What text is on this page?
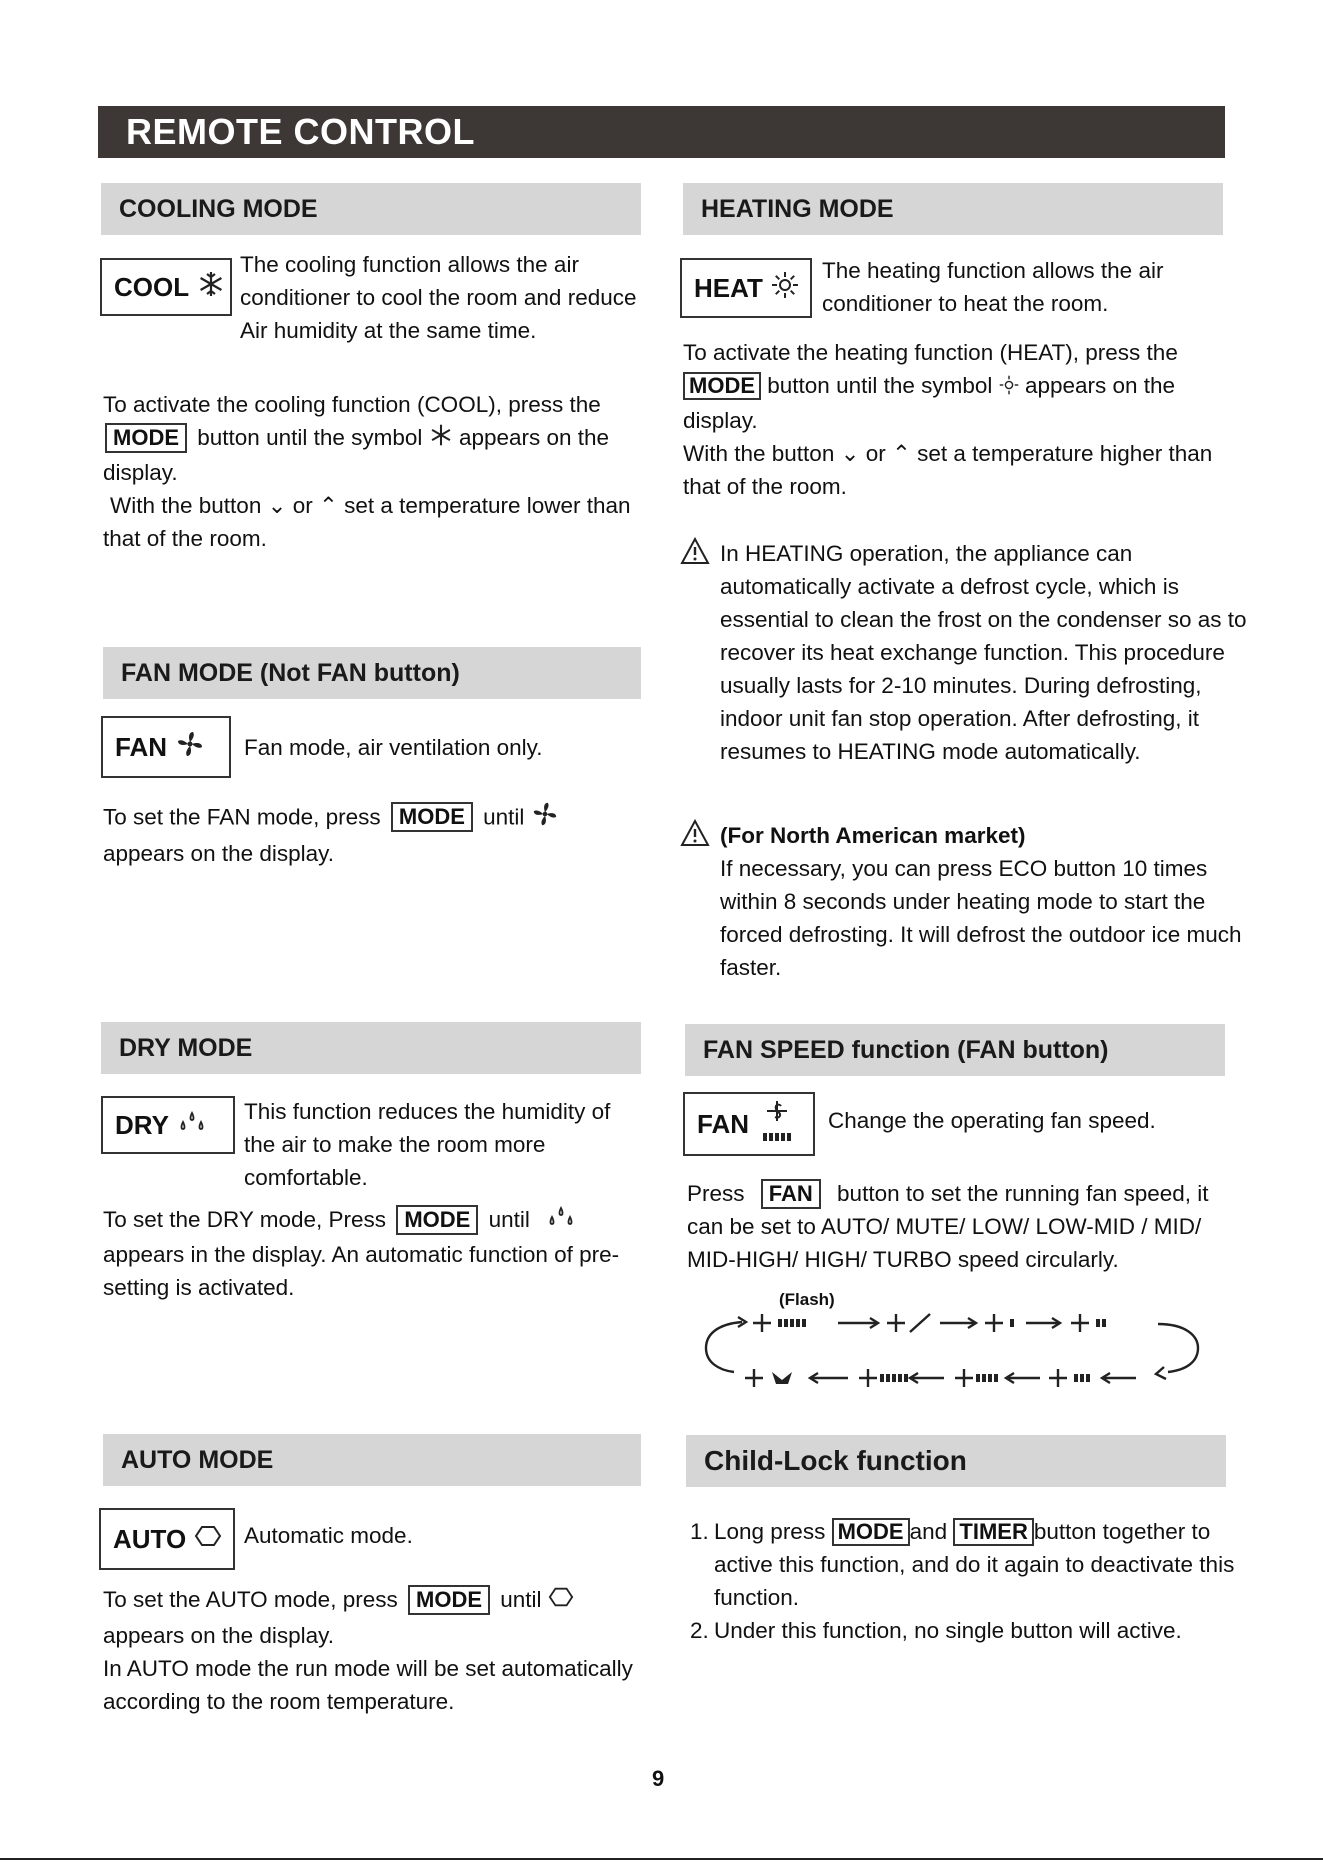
REMOTE CONTROL
COOLING MODE
COOL
The cooling function allows the air conditioner to cool the room and reduce Air humidity at the same time.
To activate the cooling function (COOL), press the
MODE button until the symbol appears on the display.
With the button ⌄ or ⌃ set a temperature lower than that of the room.
HEATING MODE
HEAT
The heating function allows the air conditioner to heat the room.
To activate the heating function (HEAT), press the
MODE button until the symbol appears on the display.
With the button ⌄ or ⌃ set a temperature higher than that of the room.
In HEATING operation, the appliance can automatically activate a defrost cycle, which is essential to clean the frost on the condenser so as to recover its heat exchange function. This procedure usually lasts for 2-10 minutes. During defrosting, indoor unit fan stop operation. After defrosting, it resumes to HEATING mode automatically.
(For North American market)
If necessary, you can press ECO button 10 times within 8 seconds under heating mode to start the forced defrosting. It will defrost the outdoor ice much faster.
FAN MODE (Not FAN button)
FAN	Fan mode, air ventilation only.
To set the FAN mode, press MODE until
appears on the display.
DRY MODE
DRY	This function reduces the humidity of the air to make the room more comfortable.
To set the DRY mode, Press MODE until  appears in the display. An automatic function of pre-setting is activated.
FAN SPEED function (FAN button)
FAN	Change the operating fan speed.
Press FAN button to set the running fan speed, it can be set to AUTO/ MUTE/ LOW/ LOW-MID / MID/ MID-HIGH/ HIGH/ TURBO speed circularly.
(Flash)
AUTO MODE
AUTO	Automatic mode.
To set the AUTO mode, press MODE until
appears on the display.
In AUTO mode the run mode will be set automatically according to the room temperature.
Child-Lock function
1. Long press MODE and TIMER button together to active this function, and do it again to deactivate this function.
2. Under this function, no single button will active.
9
